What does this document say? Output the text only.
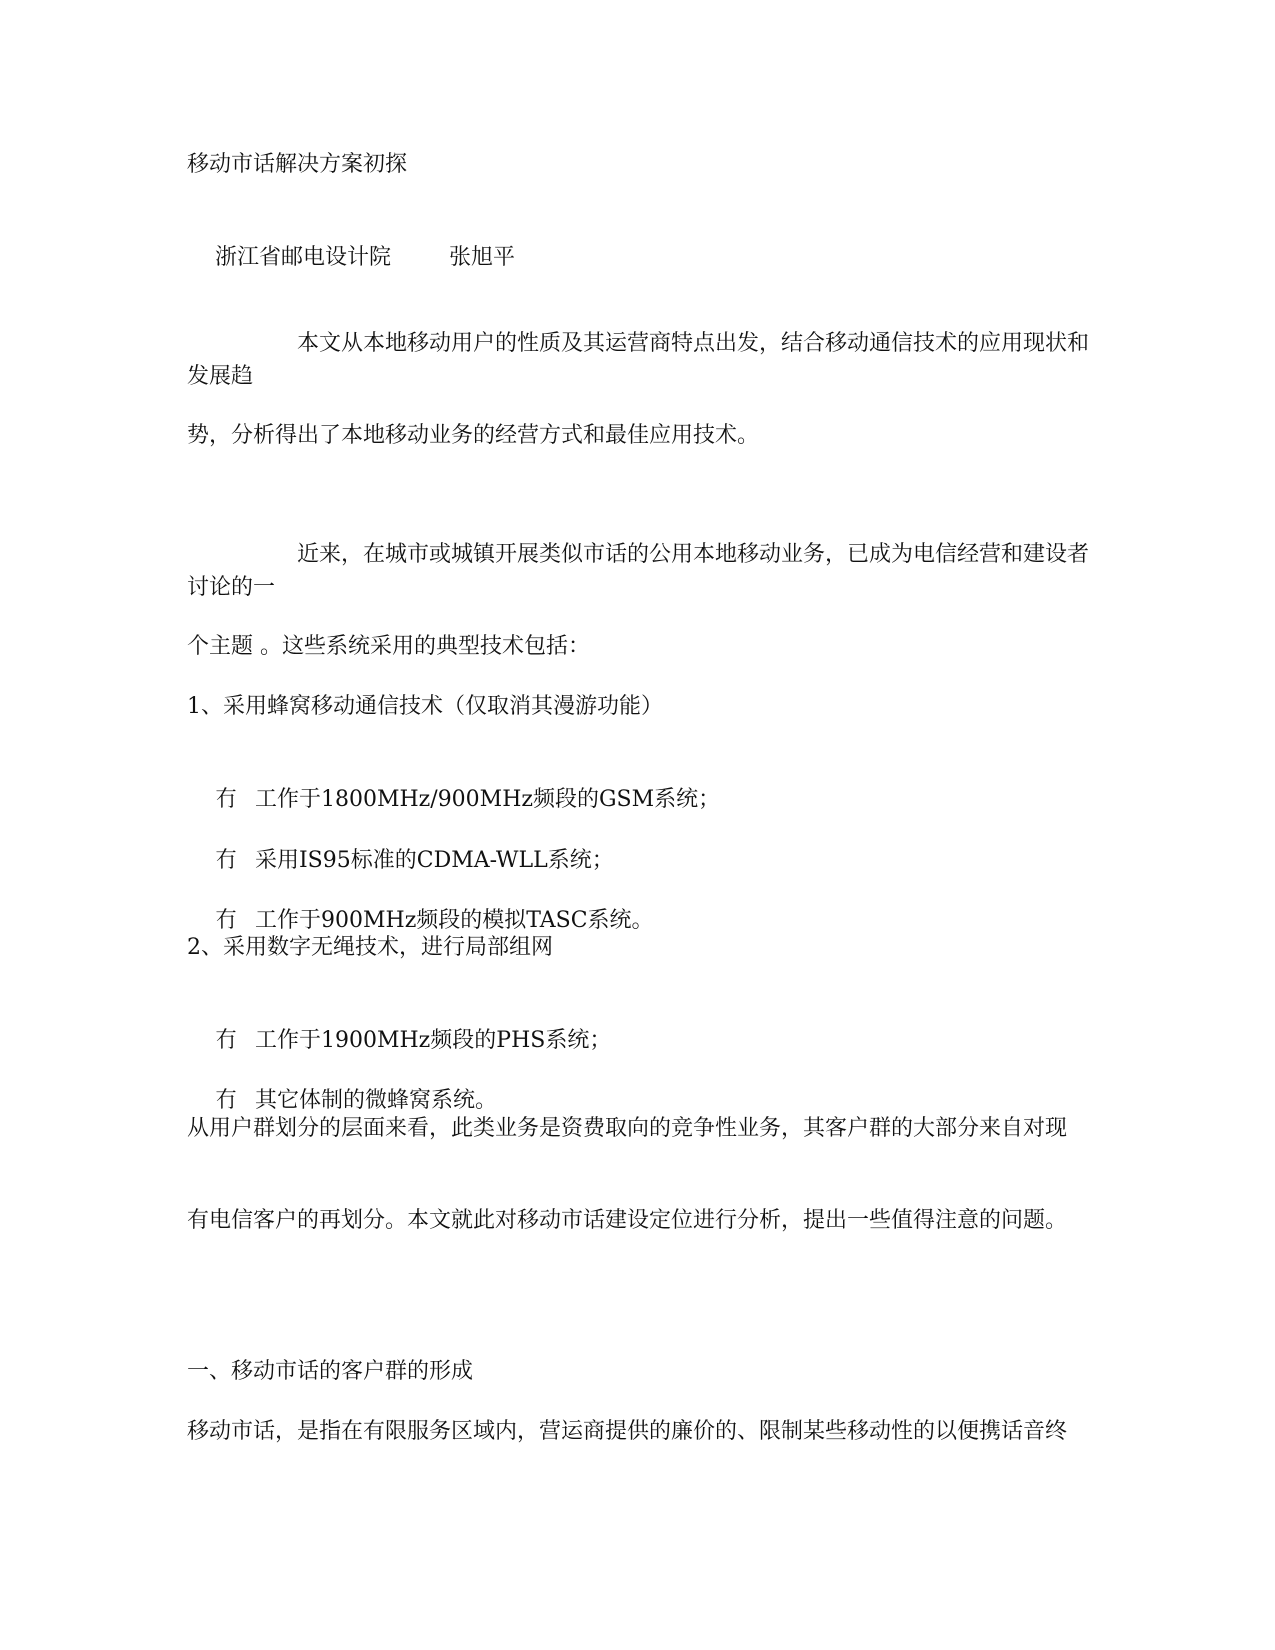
移动市话解决方案初探

浙江省邮电设计院	张旭平

本文从本地移动用户的性质及其运营商特点出发，结合移动通信技术的应用现状和发展趋
势，分析得出了本地移动业务的经营方式和最佳应用技术。
近来，在城市或城镇开展类似市话的公用本地移动业务，已成为电信经营和建设者讨论的一
个主题 。这些系统采用的典型技术包括：
1、采用蜂窝移动通信技术（仅取消其漫游功能）

冇 工作于1800MHz/900MHz频段的GSM系统；

冇 采用IS95标准的CDMA-WLL系统；

冇 工作于900MHz频段的模拟TASC系统。

2、采用数字无绳技术，进行局部组网

冇 工作于1900MHz频段的PHS系统；

冇 其它体制的微蜂窝系统。

从用户群划分的层面来看，此类业务是资费取向的竞争性业务，其客户群的大部分来自对现
有电信客户的再划分。本文就此对移动市话建设定位进行分析，提出一些值得注意的问题。
一、移动市话的客户群的形成
移动市话，是指在有限服务区域内，营运商提供的廉价的、限制某些移动性的以便携话音终
